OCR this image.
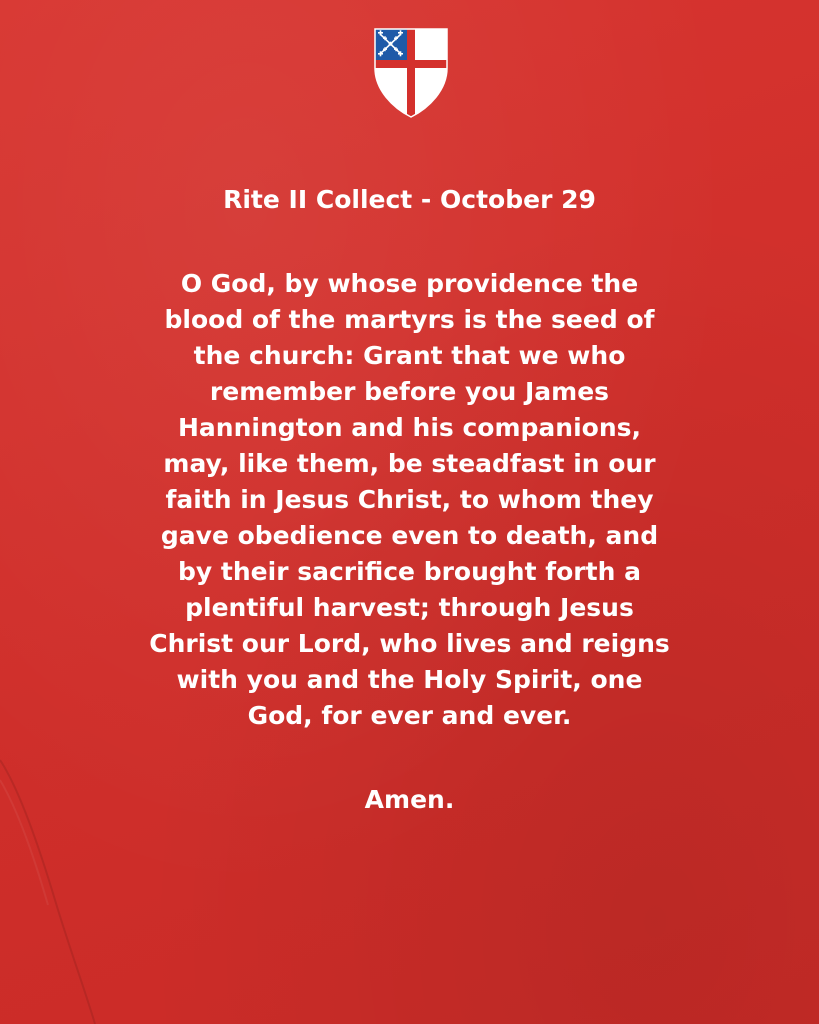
Rite II Collect - October 29
O God, by whose providence the
blood of the martyrs is the seed of
the church: Grant that we who
remember before you James
Hannington and his companions,
may, like them, be steadfast in our
faith in Jesus Christ, to whom they
gave obedience even to death, and
by their sacrifice brought forth a
plentiful harvest; through Jesus
Christ our Lord, who lives and reigns
with you and the Holy Spirit, one
God, for ever and ever.
Amen.
